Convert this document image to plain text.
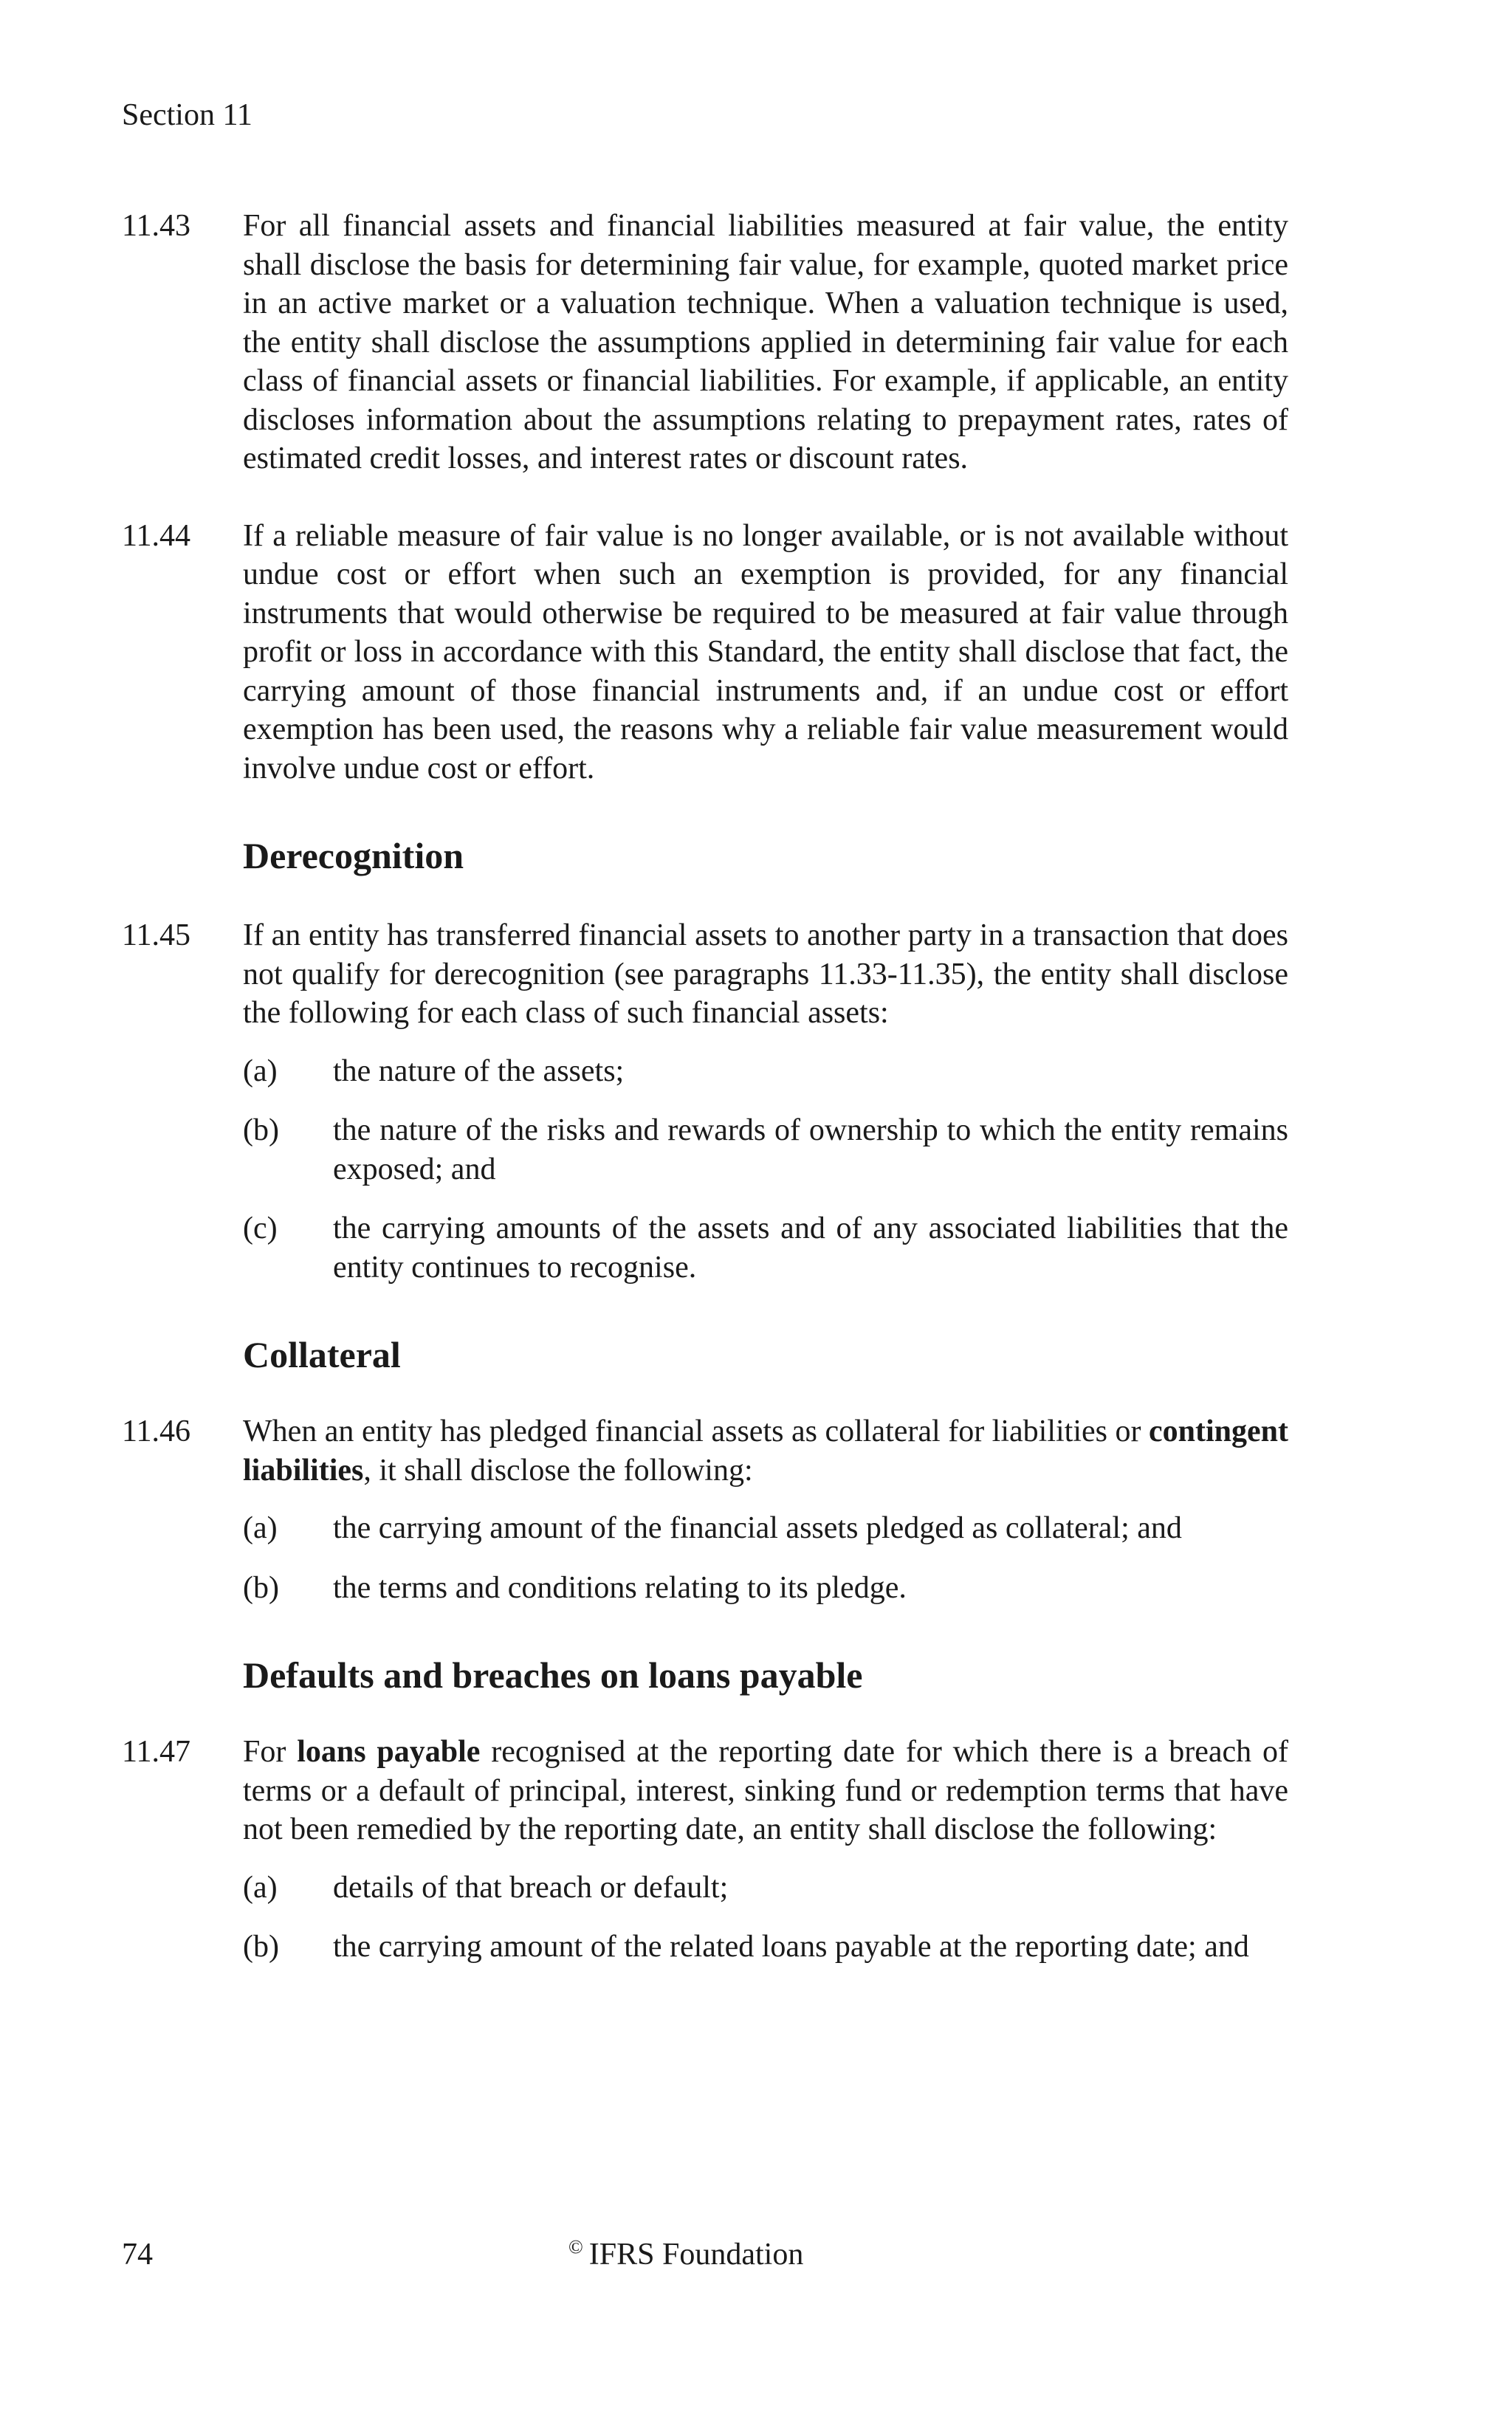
Section 11
11.43	For all financial assets and financial liabilities measured at fair value, the entity shall disclose the basis for determining fair value, for example, quoted market price in an active market or a valuation technique. When a valuation technique is used, the entity shall disclose the assumptions applied in determining fair value for each class of financial assets or financial liabilities. For example, if applicable, an entity discloses information about the assumptions relating to prepayment rates, rates of estimated credit losses, and interest rates or discount rates.
11.44	If a reliable measure of fair value is no longer available, or is not available without undue cost or effort when such an exemption is provided, for any financial instruments that would otherwise be required to be measured at fair value through profit or loss in accordance with this Standard, the entity shall disclose that fact, the carrying amount of those financial instruments and, if an undue cost or effort exemption has been used, the reasons why a reliable fair value measurement would involve undue cost or effort.
Derecognition
11.45	If an entity has transferred financial assets to another party in a transaction that does not qualify for derecognition (see paragraphs 11.33-11.35), the entity shall disclose the following for each class of such financial assets:
(a)	the nature of the assets;
(b)	the nature of the risks and rewards of ownership to which the entity remains exposed; and
(c)	the carrying amounts of the assets and of any associated liabilities that the entity continues to recognise.
Collateral
11.46	When an entity has pledged financial assets as collateral for liabilities or contingent liabilities, it shall disclose the following:
(a)	the carrying amount of the financial assets pledged as collateral; and
(b)	the terms and conditions relating to its pledge.
Defaults and breaches on loans payable
11.47	For loans payable recognised at the reporting date for which there is a breach of terms or a default of principal, interest, sinking fund or redemption terms that have not been remedied by the reporting date, an entity shall disclose the following:
(a)	details of that breach or default;
(b)	the carrying amount of the related loans payable at the reporting date; and
74	© IFRS Foundation
